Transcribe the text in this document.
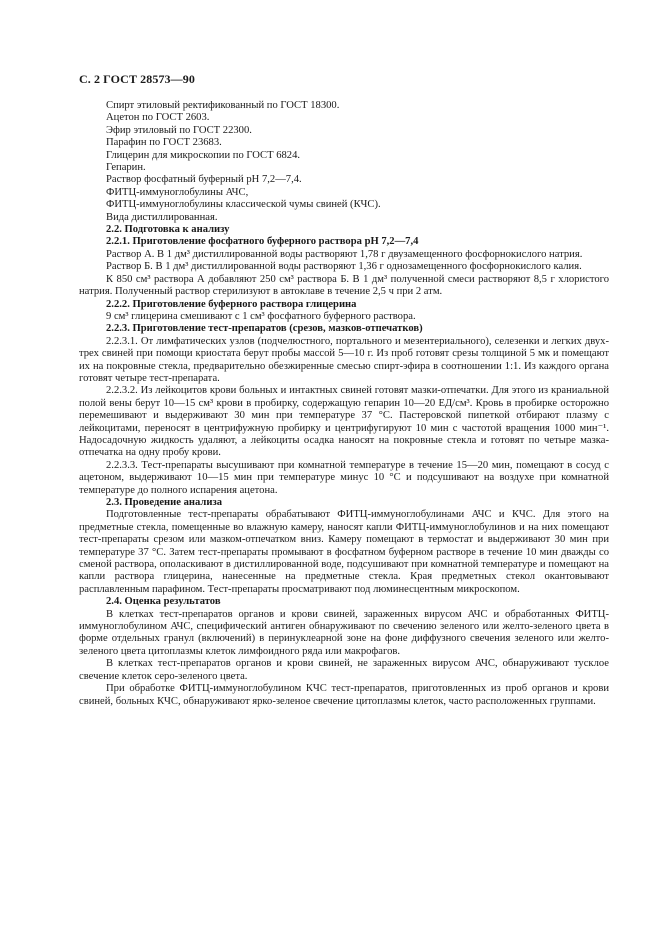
С. 2 ГОСТ 28573—90

Спирт этиловый ректификованный по ГОСТ 18300.

Ацетон по ГОСТ 2603.

Эфир этиловый по ГОСТ 22300.

Парафин по ГОСТ 23683.

Глицерин для микроскопии по ГОСТ 6824.

Гепарин.

Раствор фосфатный буферный pH 7,2—7,4.

ФИТЦ-иммуноглобулины АЧС,

ФИТЦ-иммуноглобулины классической чумы свиней (КЧС).

Вида дистиллированная.

2.2. Подготовка к анализу

2.2.1. Приготовление фосфатного буферного раствора pH 7,2—7,4

Раствор А. В 1 дм³ дистиллированной воды растворяют 1,78 г двузамещенного фосфорнокислого натрия.

Раствор Б. В 1 дм³ дистиллированной воды растворяют 1,36 г однозамещенного фосфорнокислого калия.

К 850 см³ раствора А добавляют 250 см³ раствора Б. В 1 дм³ полученной смеси растворяют 8,5 г хлористого натрия. Полученный раствор стерилизуют в автоклаве в течение 2,5 ч при 2 атм.

2.2.2. Приготовление буферного раствора глицерина

9 см³ глицерина смешивают с 1 см³ фосфатного буферного раствора.

2.2.3. Приготовление тест-препаратов (срезов, мазков-отпечатков)

2.2.3.1. От лимфатических узлов (подчелюстного, портального и мезентериального), селезенки и легких двух-трех свиней при помощи криостата берут пробы массой 5—10 г. Из проб готовят срезы толщиной 5 мк и помещают их на покровные стекла, предварительно обезжиренные смесью спирт-эфира в соотношении 1:1. Из каждого органа готовят четыре тест-препарата.

2.2.3.2. Из лейкоцитов крови больных и интактных свиней готовят мазки-отпечатки. Для этого из краниальной полой вены берут 10—15 см³ крови в пробирку, содержащую гепарин 10—20 ЕД/см³. Кровь в пробирке осторожно перемешивают и выдерживают 30 мин при температуре 37 °С. Пастеровской пипеткой отбирают плазму с лейкоцитами, переносят в центрифужную пробирку и центрифугируют 10 мин с частотой вращения 1000 мин⁻¹. Надосадочную жидкость удаляют, а лейкоциты осадка наносят на покровные стекла и готовят по четыре мазка-отпечатка на одну пробу крови.

2.2.3.3. Тест-препараты высушивают при комнатной температуре в течение 15—20 мин, помещают в сосуд с ацетоном, выдерживают 10—15 мин при температуре минус 10 °С и подсушивают на воздухе при комнатной температуре до полного испарения ацетона.

2.3. Проведение анализа

Подготовленные тест-препараты обрабатывают ФИТЦ-иммуноглобулинами АЧС и КЧС. Для этого на предметные стекла, помещенные во влажную камеру, наносят капли ФИТЦ-иммуноглобулинов и на них помещают тест-препараты срезом или мазком-отпечатком вниз. Камеру помещают в термостат и выдерживают 30 мин при температуре 37 °С. Затем тест-препараты промывают в фосфатном буферном растворе в течение 10 мин дважды со сменой раствора, ополаскивают в дистиллированной воде, подсушивают при комнатной температуре и помещают на капли раствора глицерина, нанесенные на предметные стекла. Края предметных стекол окантовывают расплавленным парафином. Тест-препараты просматривают под люминесцентным микроскопом.

2.4. Оценка результатов

В клетках тест-препаратов органов и крови свиней, зараженных вирусом АЧС и обработанных ФИТЦ-иммуноглобулином АЧС, специфический антиген обнаруживают по свечению зеленого или желто-зеленого цвета в форме отдельных гранул (включений) в перинуклеарной зоне на фоне диффузного свечения зеленого или желто-зеленого цвета цитоплазмы клеток лимфоидного ряда или макрофагов.

В клетках тест-препаратов органов и крови свиней, не зараженных вирусом АЧС, обнаруживают тусклое свечение клеток серо-зеленого цвета.

При обработке ФИТЦ-иммуноглобулином КЧС тест-препаратов, приготовленных из проб органов и крови свиней, больных КЧС, обнаруживают ярко-зеленое свечение цитоплазмы клеток, часто расположенных группами.
